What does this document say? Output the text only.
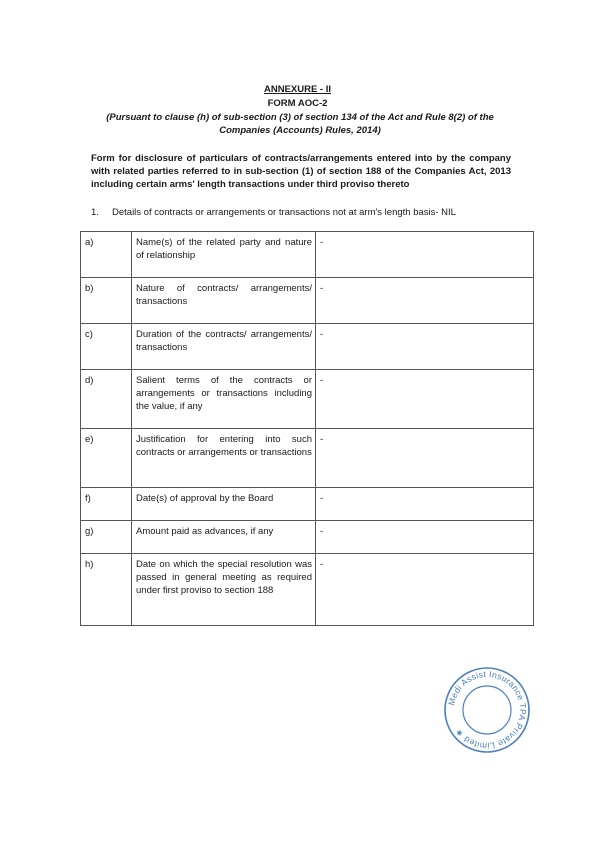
ANNEXURE - II
FORM AOC-2
(Pursuant to clause (h) of sub-section (3) of section 134 of the Act and Rule 8(2) of the Companies (Accounts) Rules, 2014)
Form for disclosure of particulars of contracts/arrangements entered into by the company with related parties referred to in sub-section (1) of section 188 of the Companies Act, 2013 including certain arms' length transactions under third proviso thereto
1. Details of contracts or arrangements or transactions not at arm's length basis- NIL
a)	Name(s) of the related party and nature of relationship	-
b)	Nature of contracts/ arrangements/ transactions	-
c)	Duration of the contracts/ arrangements/ transactions	-
d)	Salient terms of the contracts or arrangements or transactions including the value, if any	-
e)	Justification for entering into such contracts or arrangements or transactions	-
f)	Date(s) of approval by the Board	-
g)	Amount paid as advances, if any	-
h)	Date on which the special resolution was passed in general meeting as required under first proviso to section 188	-
Medi Assist Insurance TPA Private Limited ★
